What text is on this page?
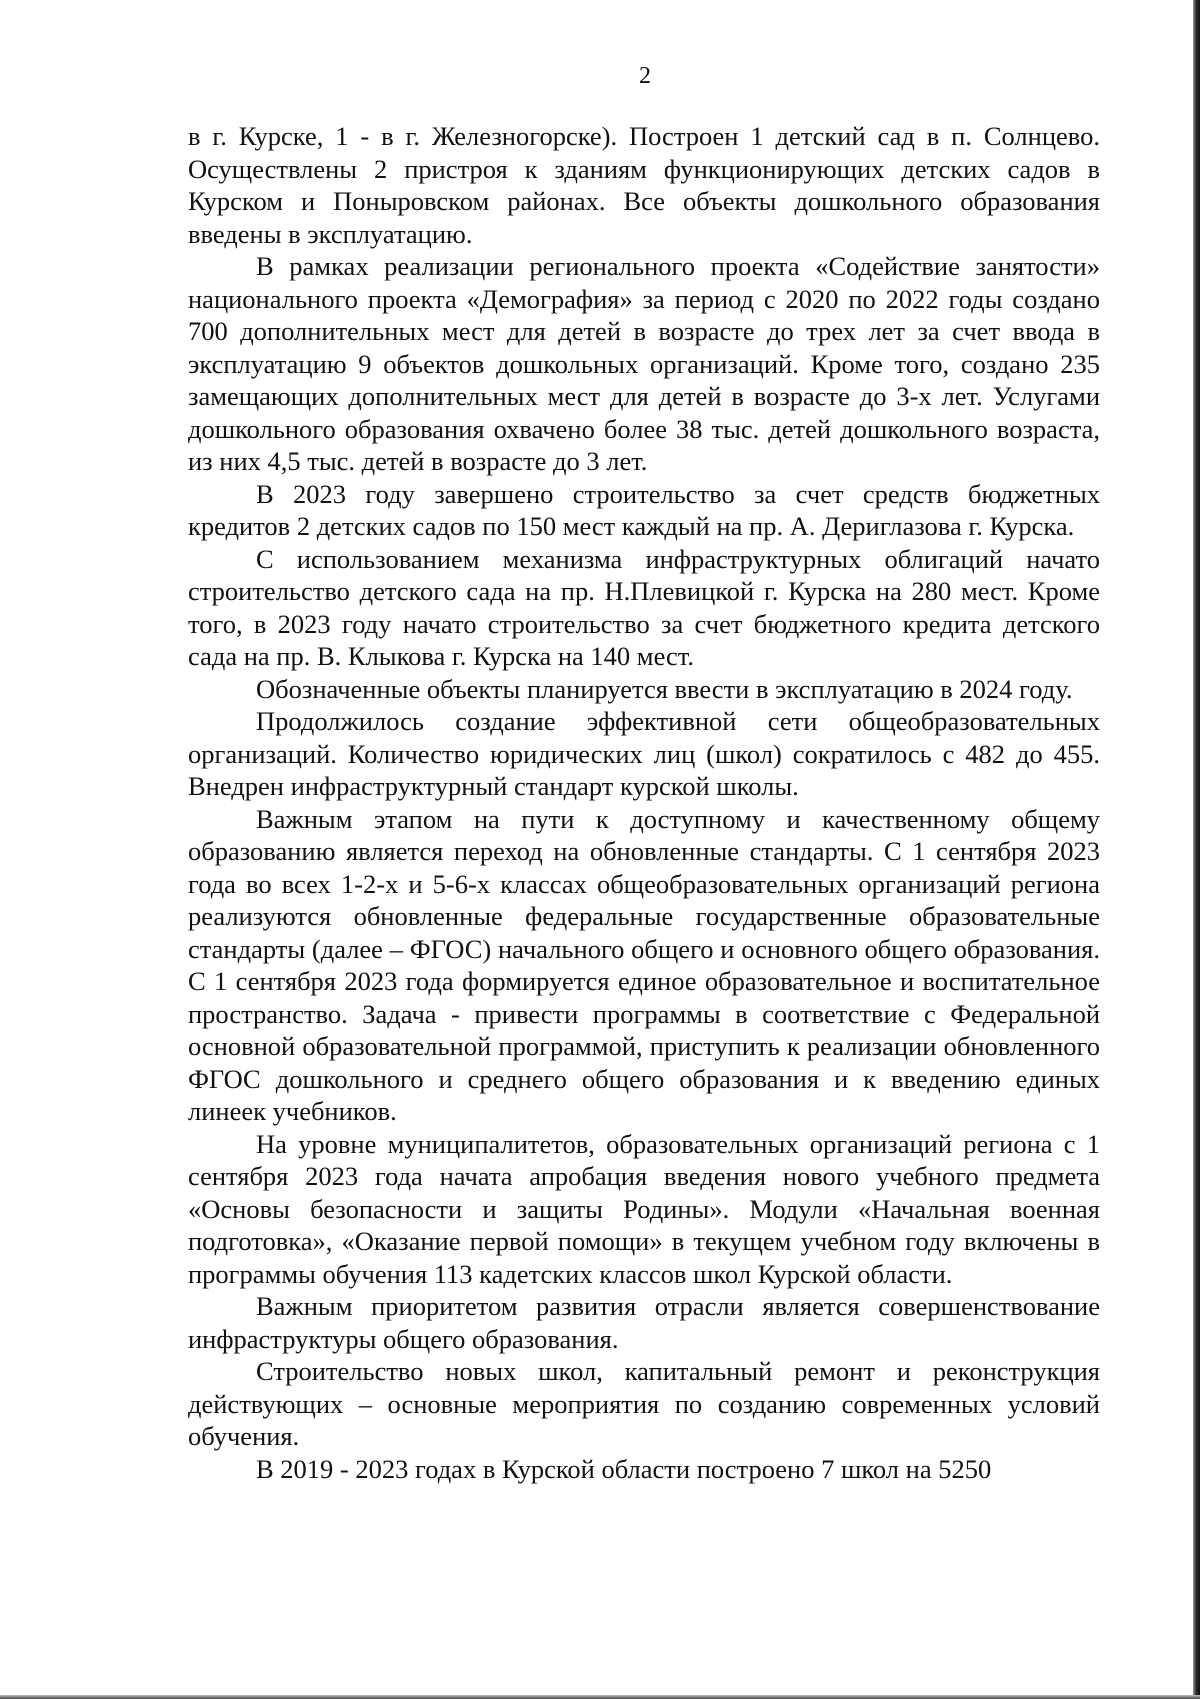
2

в г. Курске, 1 - в г. Железногорске). Построен 1 детский сад в п. Солнцево. Осуществлены 2 пристроя к зданиям функционирующих детских садов в Курском и Поныровском районах. Все объекты дошкольного образования введены в эксплуатацию.

В рамках реализации регионального проекта «Содействие занятости» национального проекта «Демография» за период с 2020 по 2022 годы создано 700 дополнительных мест для детей в возрасте до трех лет за счет ввода в эксплуатацию 9 объектов дошкольных организаций. Кроме того, создано 235 замещающих дополнительных мест для детей в возрасте до 3-х лет. Услугами дошкольного образования охвачено более 38 тыс. детей дошкольного возраста, из них 4,5 тыс. детей в возрасте до 3 лет.

В 2023 году завершено строительство за счет средств бюджетных кредитов 2 детских садов по 150 мест каждый на пр. А. Дериглазова г. Курска.

С использованием механизма инфраструктурных облигаций начато строительство детского сада на пр. Н.Плевицкой г. Курска на 280 мест. Кроме того, в 2023 году начато строительство за счет бюджетного кредита детского сада на пр. В. Клыкова г. Курска на 140 мест.

Обозначенные объекты планируется ввести в эксплуатацию в 2024 году.

Продолжилось создание эффективной сети общеобразовательных организаций. Количество юридических лиц (школ) сократилось с 482 до 455. Внедрен инфраструктурный стандарт курской школы.

Важным этапом на пути к доступному и качественному общему образованию является переход на обновленные стандарты. С 1 сентября 2023 года во всех 1-2-х и 5-6-х классах общеобразовательных организаций региона реализуются обновленные федеральные государственные образовательные стандарты (далее – ФГОС) начального общего и основного общего образования. С 1 сентября 2023 года формируется единое образовательное и воспитательное пространство. Задача - привести программы в соответствие с Федеральной основной образовательной программой, приступить к реализации обновленного ФГОС дошкольного и среднего общего образования и к введению единых линеек учебников.

На уровне муниципалитетов, образовательных организаций региона с 1 сентября 2023 года начата апробация введения нового учебного предмета «Основы безопасности и защиты Родины». Модули «Начальная военная подготовка», «Оказание первой помощи» в текущем учебном году включены в программы обучения 113 кадетских классов школ Курской области.

Важным приоритетом развития отрасли является совершенствование инфраструктуры общего образования.

Строительство новых школ, капитальный ремонт и реконструкция действующих – основные мероприятия по созданию современных условий обучения.

В 2019 - 2023 годах в Курской области построено 7 школ на 5250
